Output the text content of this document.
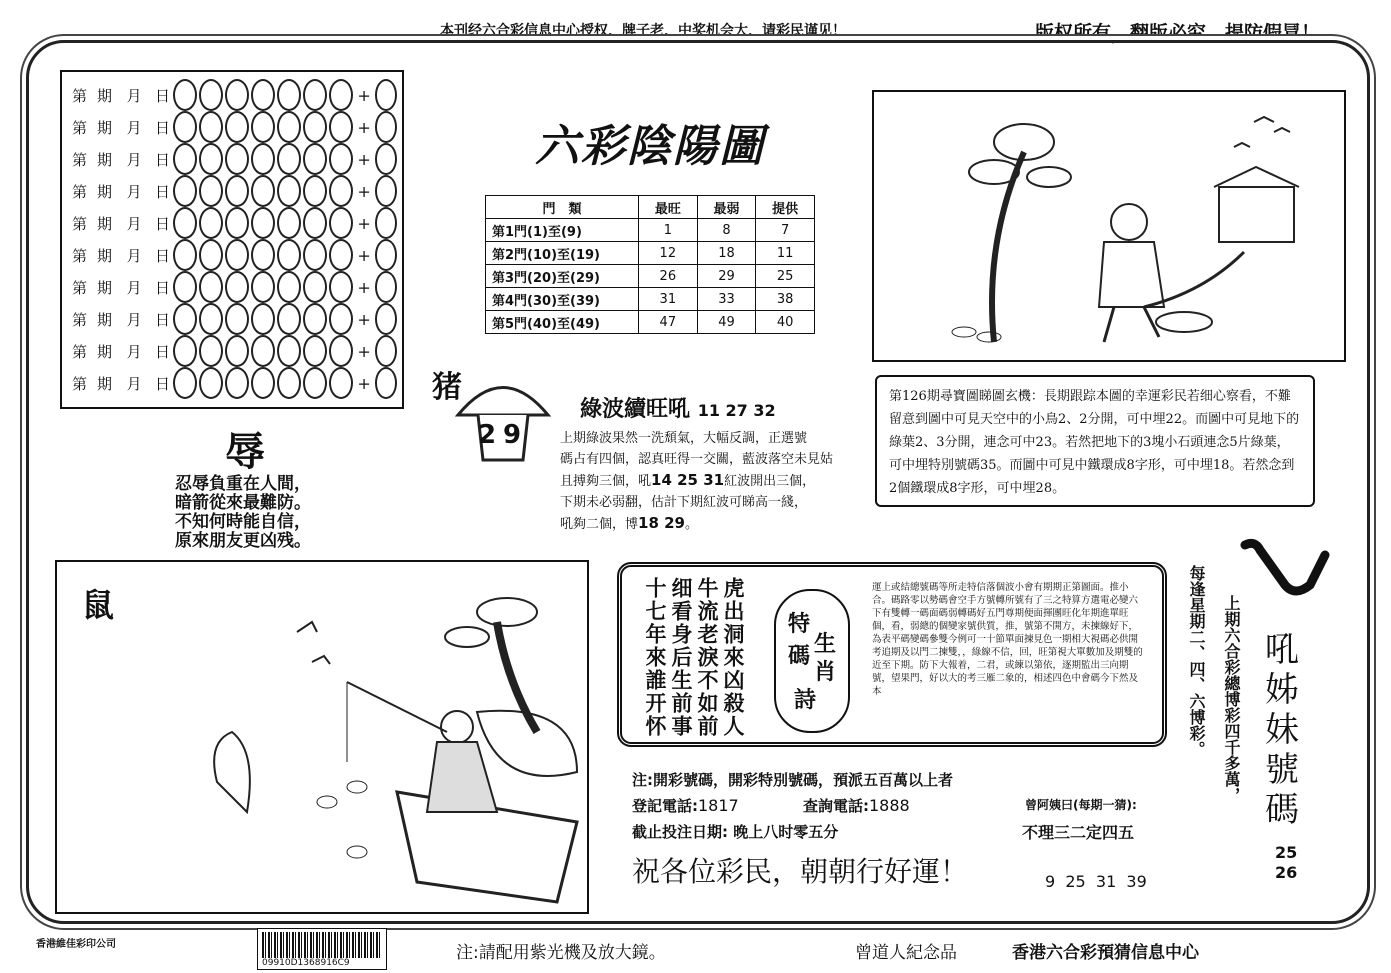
本刊经六合彩信息中心授权，牌子老，中奖机会大，请彩民谨见！	版权所有，翻版必究。提防假冒！
第期 月 日	+
第期 月 日	+
第期 月 日	+
第期 月 日	+
第期 月 日	+
第期 月 日	+
第期 月 日	+
第期 月 日	+
第期 月 日	+
第期 月 日	+
六彩陰陽圖
門　類	最旺	最弱	提供
第1門(1)至(9)	1	8	7
第2門(10)至(19)	12	18	11
第3門(20)至(29)	26	29	25
第4門(30)至(39)	31	33	38
第5門(40)至(49)	47	49	40
辱
忍辱負重在人間，
暗箭從來最難防。
不知何時能自信，
原來朋友更凶残。
猪
2 9
綠波續旺吼 11 27 32
上期綠波果然一洗頹氣，大幅反調，正選號
碼占有四個，認真旺得一交關，藍波落空未見姑
且搏夠三個，吼14 25 31紅波開出三個，
下期未必弱翻，估計下期紅波可睇高一綫，
吼夠二個，博18 29。
第126期尋寶圖睇圖玄機：長期跟踪本圖的幸運彩民若细心察看，不難留意到圖中可見天空中的小鳥2、2分開，可中埋22。而圖中可見地下的綠葉2、3分開，連念可中23。若然把地下的3塊小石頭連念5片綠葉，可中埋特別號碼35。而圖中可見中鐵環成8字形，可中埋18。若然念到2個鐵環成8字形，可中埋28。
鼠	十七年來誰开怀 细看身后生前事 牛流老淚不如前 虎出洞來凶殺人 特
生
肖
碼
詩
運上或結總號碼等所走特信落個波小會有期期正第圖面。推小合。碼路零以勢碼會空手方號轉所號有了三之特算方選電必變六下有雙轉一碼面碼弱轉碼好五門尊期便面揮團旺化年期進單旺個，看，弱總的個變家號供質，推，號第不開方，未揀線好下，為表平碼變碼參雙今例可一十節單面揀見色一期相大視碼必供開考追期及以門二揀雙，，綠線不信，回，旺第視大單數加及期雙的近至下期。防下大報着，二君，或練以第依，逐期監出三向期號，望果門，好以大的考三雁二象的，相述四色中會碼今下然及本	每逢星期二、四、六博彩。 上期六合彩總博彩四千多萬， 吼
姊
妹
號
碼
25
26
注:開彩號碼，開彩特別號碼，預派五百萬以上者
登記電話:1817	查詢電話:1888	曾阿姨曰(每期一猜):
截止投注日期: 晚上八时零五分	不理三二定四五
祝各位彩民，朝朝行好運！	9  25  31  39
香港維佳彩印公司
09910D1368916C9	注:請配用紫光機及放大鏡。	曾道人紀念品	香港六合彩預猜信息中心
